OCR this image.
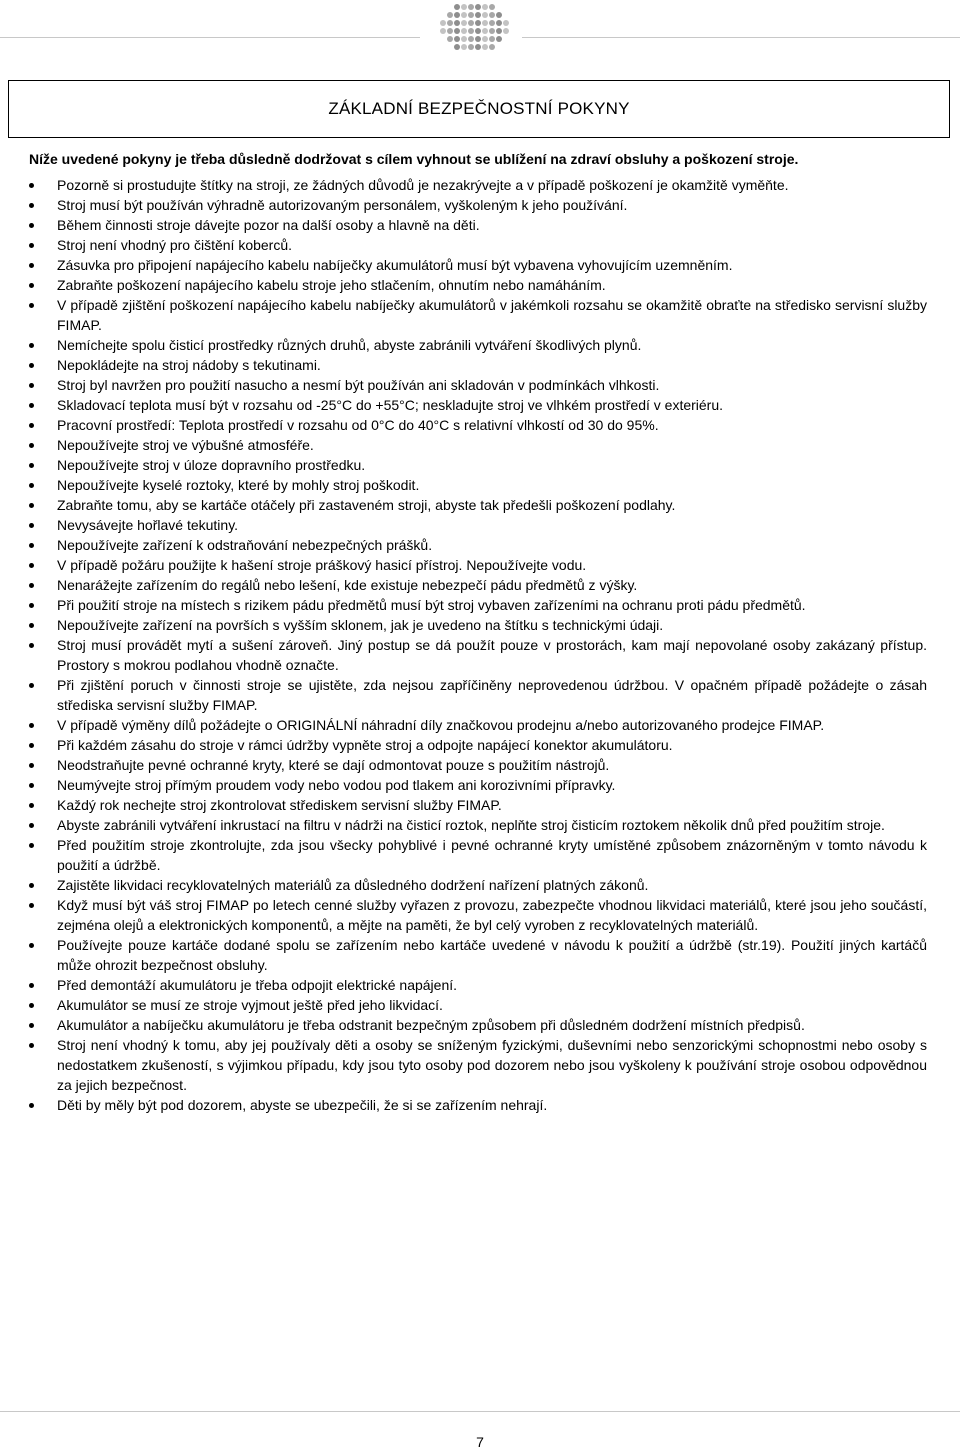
ZÁKLADNÍ BEZPEČNOSTNÍ POKYNY
Níže uvedené pokyny je třeba důsledně dodržovat s cílem vyhnout se ublížení na zdraví obsluhy a poškození stroje.
Pozorně si prostudujte štítky na stroji, ze žádných důvodů je nezakrývejte a v případě poškození je okamžitě vyměňte.
Stroj musí být používán výhradně autorizovaným personálem, vyškoleným k jeho používání.
Během činnosti stroje dávejte pozor na další osoby a hlavně na děti.
Stroj není vhodný pro čištění koberců.
Zásuvka pro připojení napájecího kabelu nabíječky akumulátorů musí být vybavena vyhovujícím uzemněním.
Zabraňte poškození napájecího kabelu stroje jeho stlačením, ohnutím nebo namáháním.
V případě zjištění poškození napájecího kabelu nabíječky akumulátorů v jakémkoli rozsahu se okamžitě obraťte na středisko servisní služby FIMAP.
Nemíchejte spolu čisticí prostředky různých druhů, abyste zabránili vytváření škodlivých plynů.
Nepokládejte na stroj nádoby s tekutinami.
Stroj byl navržen pro použití nasucho a nesmí být používán ani skladován v podmínkách vlhkosti.
Skladovací teplota musí být v rozsahu od -25°C do +55°C; neskladujte stroj ve vlhkém prostředí v exteriéru.
Pracovní prostředí: Teplota prostředí v rozsahu od 0°C do 40°C s relativní vlhkostí od 30 do 95%.
Nepoužívejte stroj ve výbušné atmosféře.
Nepoužívejte stroj v úloze dopravního prostředku.
Nepoužívejte kyselé roztoky, které by mohly stroj poškodit.
Zabraňte tomu, aby se kartáče otáčely při zastaveném stroji, abyste tak předešli poškození podlahy.
Nevysávejte hořlavé tekutiny.
Nepoužívejte zařízení k odstraňování nebezpečných prášků.
V případě požáru použijte k hašení stroje práškový hasicí přístroj. Nepoužívejte vodu.
Nenarážejte zařízením do regálů nebo lešení, kde existuje nebezpečí pádu předmětů z výšky.
Při použití stroje na místech s rizikem pádu předmětů musí být stroj vybaven zařízeními na ochranu proti pádu předmětů.
Nepoužívejte zařízení na površích s vyšším sklonem, jak je uvedeno na štítku s technickými údaji.
Stroj musí provádět mytí a sušení zároveň. Jiný postup se dá použít pouze v prostorách, kam mají nepovolané osoby zakázaný přístup. Prostory s mokrou podlahou vhodně označte.
Při zjištění poruch v činnosti stroje se ujistěte, zda nejsou zapříčiněny neprovedenou údržbou. V opačném případě požádejte o zásah střediska servisní služby FIMAP.
V případě výměny dílů požádejte o ORIGINÁLNÍ náhradní díly značkovou prodejnu a/nebo autorizovaného prodejce FIMAP.
Při každém zásahu do stroje v rámci údržby vypněte stroj a odpojte napájecí konektor akumulátoru.
Neodstraňujte pevné ochranné kryty, které se dají odmontovat pouze s použitím nástrojů.
Neumývejte stroj přímým proudem vody nebo vodou pod tlakem ani korozivními přípravky.
Každý rok nechejte stroj zkontrolovat střediskem servisní služby FIMAP.
Abyste zabránili vytváření inkrustací na filtru v nádrži na čisticí roztok, neplňte stroj čisticím roztokem několik dnů před použitím stroje.
Před použitím stroje zkontrolujte, zda jsou všecky pohyblivé i pevné ochranné kryty umístěné způsobem znázorněným v tomto návodu k použití a údržbě.
Zajistěte likvidaci recyklovatelných materiálů za důsledného dodržení nařízení platných zákonů.
Když musí být váš stroj FIMAP po letech cenné služby vyřazen z provozu, zabezpečte vhodnou likvidaci materiálů, které jsou jeho součástí, zejména olejů a elektronických komponentů, a mějte na paměti, že byl celý vyroben z recyklovatelných materiálů.
Používejte pouze kartáče dodané spolu se zařízením nebo kartáče uvedené v návodu k použití a údržbě (str.19). Použití jiných kartáčů může ohrozit bezpečnost obsluhy.
Před demontáží akumulátoru je třeba odpojit elektrické napájení.
Akumulátor se musí ze stroje vyjmout ještě před jeho likvidací.
Akumulátor a nabíječku akumulátoru je třeba odstranit bezpečným způsobem při důsledném dodržení místních předpisů.
Stroj není vhodný k tomu, aby jej používaly děti a osoby se sníženým fyzickými, duševními nebo senzorickými schopnostmi nebo osoby s nedostatkem zkušeností, s výjimkou případu, kdy jsou tyto osoby pod dozorem nebo jsou vyškoleny k používání stroje osobou odpovědnou za jejich bezpečnost.
Děti by měly být pod dozorem, abyste se ubezpečili, že si se zařízením nehrají.
7
